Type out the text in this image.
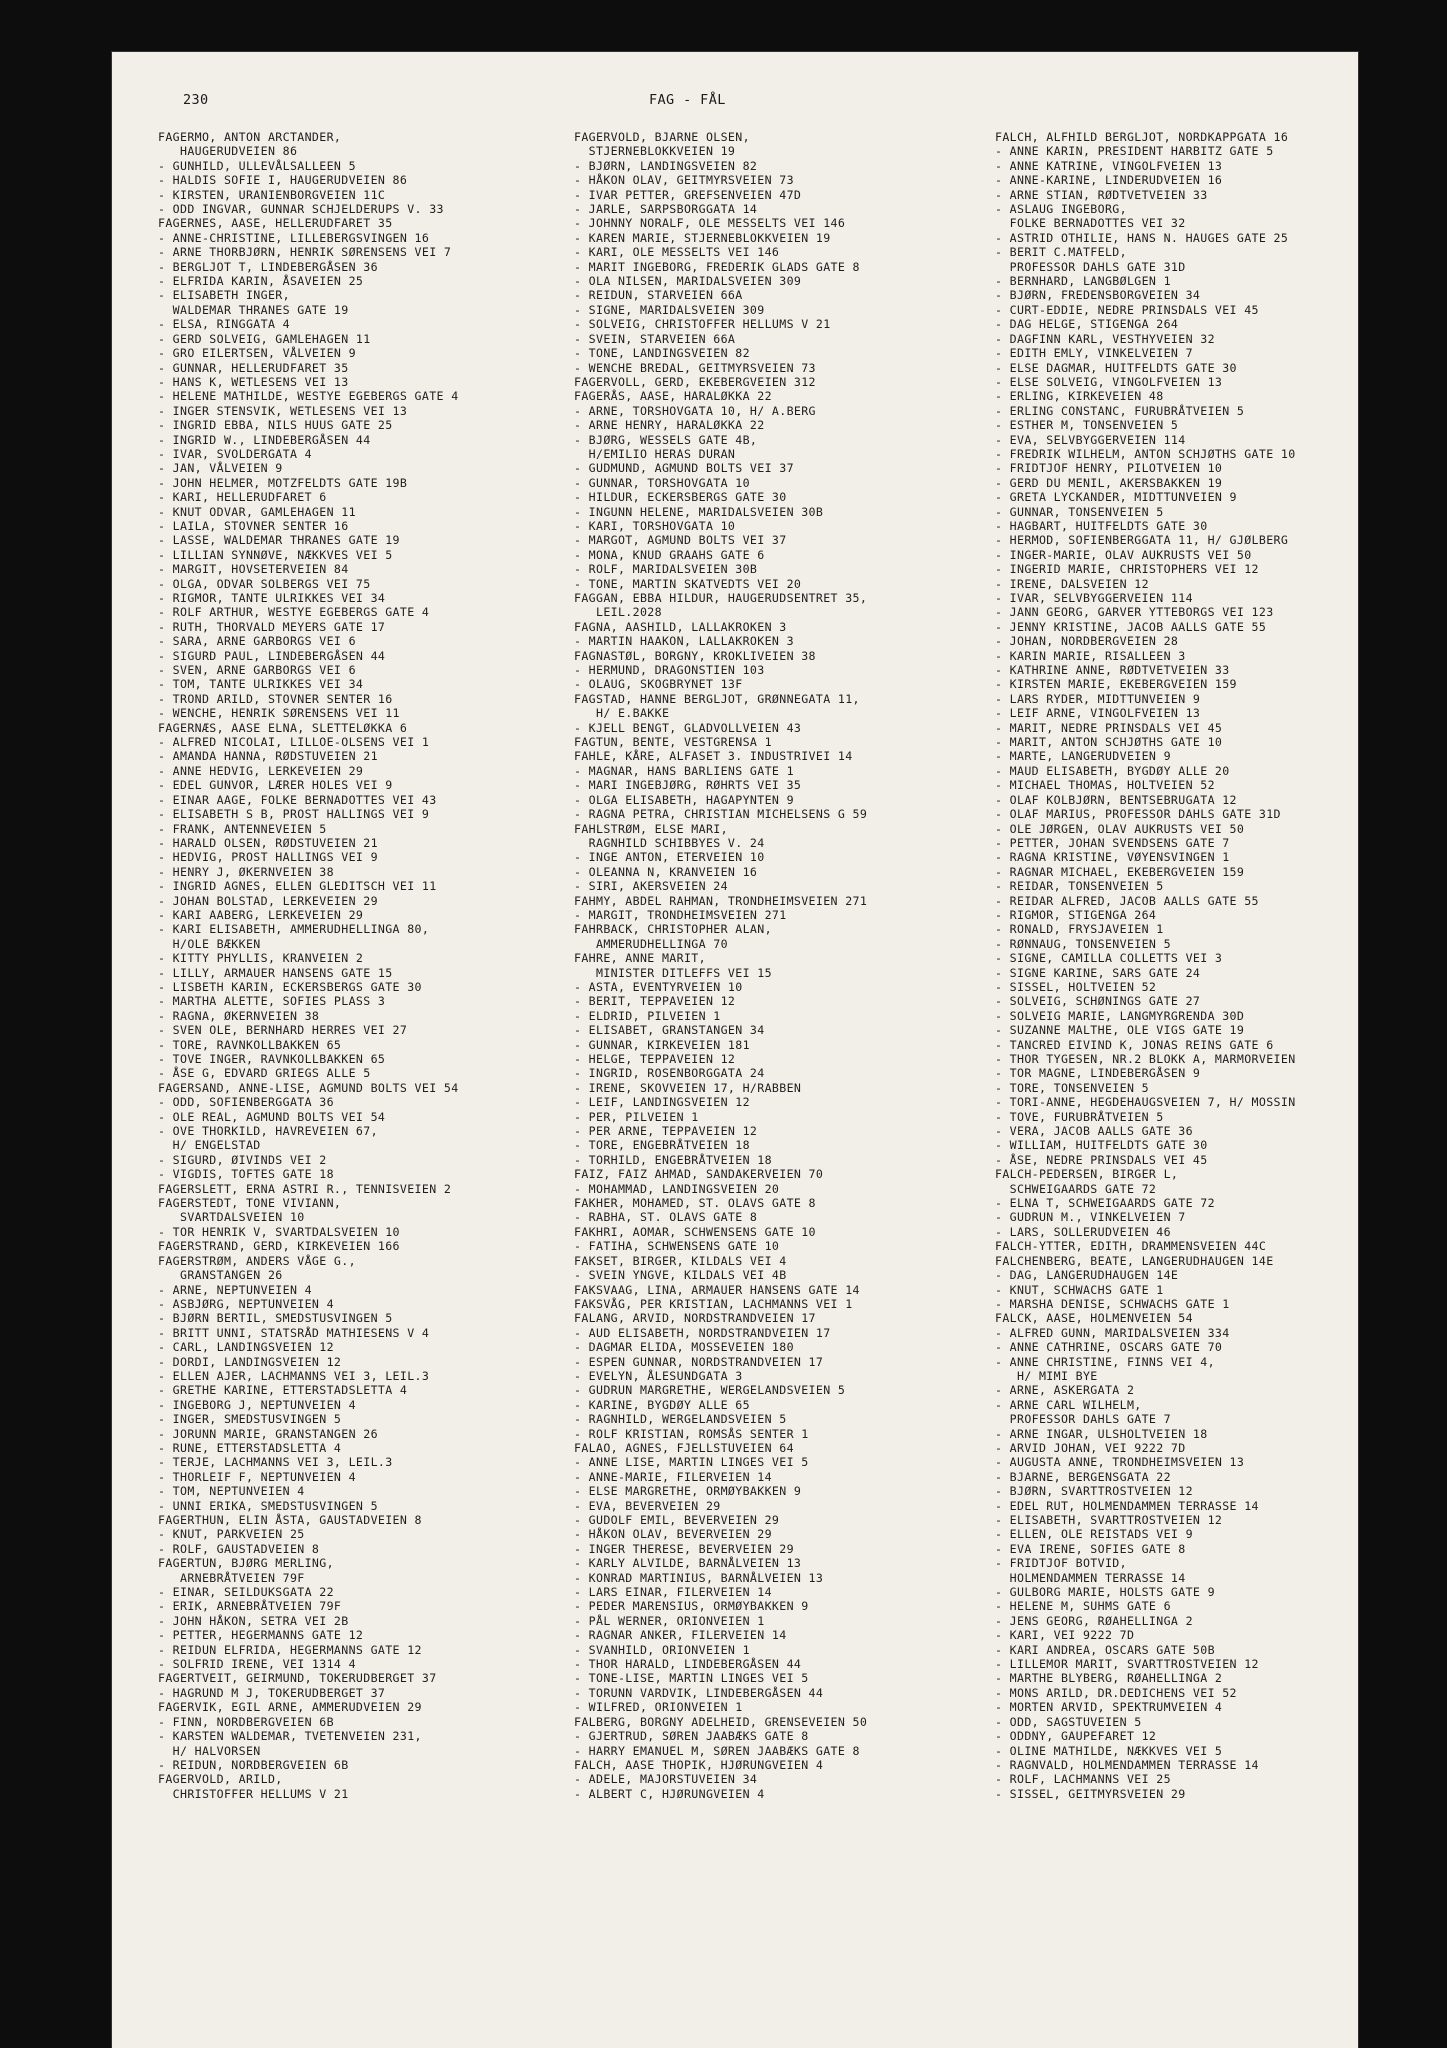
230	FAG - FÅL
FAGERMO, ANTON ARCTANDER,
HAUGERUDVEIEN 86
- GUNHILD, ULLEVÅLSALLEEN 5
- HALDIS SOFIE I, HAUGERUDVEIEN 86
- KIRSTEN, URANIENBORGVEIEN 11C
- ODD INGVAR, GUNNAR SCHJELDERUPS V. 33
FAGERNES, AASE, HELLERUDFARET 35
- ANNE-CHRISTINE, LILLEBERGSVINGEN 16
- ARNE THORBJØRN, HENRIK SØRENSENS VEI 7
- BERGLJOT T, LINDEBERGÅSEN 36
- ELFRIDA KARIN, ÅSAVEIEN 25
- ELISABETH INGER,
WALDEMAR THRANES GATE 19
- ELSA, RINGGATA 4
- GERD SOLVEIG, GAMLEHAGEN 11
- GRO EILERTSEN, VÅLVEIEN 9
- GUNNAR, HELLERUDFARET 35
- HANS K, WETLESENS VEI 13
- HELENE MATHILDE, WESTYE EGEBERGS GATE 4
- INGER STENSVIK, WETLESENS VEI 13
- INGRID EBBA, NILS HUUS GATE 25
- INGRID W., LINDEBERGÅSEN 44
- IVAR, SVOLDERGATA 4
- JAN, VÅLVEIEN 9
- JOHN HELMER, MOTZFELDTS GATE 19B
- KARI, HELLERUDFARET 6
- KNUT ODVAR, GAMLEHAGEN 11
- LAILA, STOVNER SENTER 16
- LASSE, WALDEMAR THRANES GATE 19
- LILLIAN SYNNØVE, NÆKKVES VEI 5
- MARGIT, HOVSETERVEIEN 84
- OLGA, ODVAR SOLBERGS VEI 75
- RIGMOR, TANTE ULRIKKES VEI 34
- ROLF ARTHUR, WESTYE EGEBERGS GATE 4
- RUTH, THORVALD MEYERS GATE 17
- SARA, ARNE GARBORGS VEI 6
- SIGURD PAUL, LINDEBERGÅSEN 44
- SVEN, ARNE GARBORGS VEI 6
- TOM, TANTE ULRIKKES VEI 34
- TROND ARILD, STOVNER SENTER 16
- WENCHE, HENRIK SØRENSENS VEI 11
FAGERNÆS, AASE ELNA, SLETTELØKKA 6
- ALFRED NICOLAI, LILLOE-OLSENS VEI 1
- AMANDA HANNA, RØDSTUVEIEN 21
- ANNE HEDVIG, LERKEVEIEN 29
- EDEL GUNVOR, LÆRER HOLES VEI 9
- EINAR AAGE, FOLKE BERNADOTTES VEI 43
- ELISABETH S B, PROST HALLINGS VEI 9
- FRANK, ANTENNEVEIEN 5
- HARALD OLSEN, RØDSTUVEIEN 21
- HEDVIG, PROST HALLINGS VEI 9
- HENRY J, ØKERNVEIEN 38
- INGRID AGNES, ELLEN GLEDITSCH VEI 11
- JOHAN BOLSTAD, LERKEVEIEN 29
- KARI AABERG, LERKEVEIEN 29
- KARI ELISABETH, AMMERUDHELLINGA 80,
H/OLE BÆKKEN
- KITTY PHYLLIS, KRANVEIEN 2
- LILLY, ARMAUER HANSENS GATE 15
- LISBETH KARIN, ECKERSBERGS GATE 30
- MARTHA ALETTE, SOFIES PLASS 3
- RAGNA, ØKERNVEIEN 38
- SVEN OLE, BERNHARD HERRES VEI 27
- TORE, RAVNKOLLBAKKEN 65
- TOVE INGER, RAVNKOLLBAKKEN 65
- ÅSE G, EDVARD GRIEGS ALLE 5
FAGERSAND, ANNE-LISE, AGMUND BOLTS VEI 54
- ODD, SOFIENBERGGATA 36
- OLE REAL, AGMUND BOLTS VEI 54
- OVE THORKILD, HAVREVEIEN 67,
H/ ENGELSTAD
- SIGURD, ØIVINDS VEI 2
- VIGDIS, TOFTES GATE 18
FAGERSLETT, ERNA ASTRI R., TENNISVEIEN 2
FAGERSTEDT, TONE VIVIANN,
SVARTDALSVEIEN 10
- TOR HENRIK V, SVARTDALSVEIEN 10
FAGERSTRAND, GERD, KIRKEVEIEN 166
FAGERSTRØM, ANDERS VÅGE G.,
GRANSTANGEN 26
- ARNE, NEPTUNVEIEN 4
- ASBJØRG, NEPTUNVEIEN 4
- BJØRN BERTIL, SMEDSTUSVINGEN 5
- BRITT UNNI, STATSRÅD MATHIESENS V 4
- CARL, LANDINGSVEIEN 12
- DORDI, LANDINGSVEIEN 12
- ELLEN AJER, LACHMANNS VEI 3, LEIL.3
- GRETHE KARINE, ETTERSTADSLETTA 4
- INGEBORG J, NEPTUNVEIEN 4
- INGER, SMEDSTUSVINGEN 5
- JORUNN MARIE, GRANSTANGEN 26
- RUNE, ETTERSTADSLETTA 4
- TERJE, LACHMANNS VEI 3, LEIL.3
- THORLEIF F, NEPTUNVEIEN 4
- TOM, NEPTUNVEIEN 4
- UNNI ERIKA, SMEDSTUSVINGEN 5
FAGERTHUN, ELIN ÅSTA, GAUSTADVEIEN 8
- KNUT, PARKVEIEN 25
- ROLF, GAUSTADVEIEN 8
FAGERTUN, BJØRG MERLING,
ARNEBRÅTVEIEN 79F
- EINAR, SEILDUKSGATA 22
- ERIK, ARNEBRÅTVEIEN 79F
- JOHN HÅKON, SETRA VEI 2B
- PETTER, HEGERMANNS GATE 12
- REIDUN ELFRIDA, HEGERMANNS GATE 12
- SOLFRID IRENE, VEI 1314 4
FAGERTVEIT, GEIRMUND, TOKERUDBERGET 37
- HAGRUND M J, TOKERUDBERGET 37
FAGERVIK, EGIL ARNE, AMMERUDVEIEN 29
- FINN, NORDBERGVEIEN 6B
- KARSTEN WALDEMAR, TVETENVEIEN 231,
H/ HALVORSEN
- REIDUN, NORDBERGVEIEN 6B
FAGERVOLD, ARILD,
CHRISTOFFER HELLUMS V 21
FAGERVOLD, BJARNE OLSEN,
STJERNEBLOKKVEIEN 19
- BJØRN, LANDINGSVEIEN 82
- HÅKON OLAV, GEITMYRSVEIEN 73
- IVAR PETTER, GREFSENVEIEN 47D
- JARLE, SARPSBORGGATA 14
- JOHNNY NORALF, OLE MESSELTS VEI 146
- KAREN MARIE, STJERNEBLOKKVEIEN 19
- KARI, OLE MESSELTS VEI 146
- MARIT INGEBORG, FREDERIK GLADS GATE 8
- OLA NILSEN, MARIDALSVEIEN 309
- REIDUN, STARVEIEN 66A
- SIGNE, MARIDALSVEIEN 309
- SOLVEIG, CHRISTOFFER HELLUMS V 21
- SVEIN, STARVEIEN 66A
- TONE, LANDINGSVEIEN 82
- WENCHE BREDAL, GEITMYRSVEIEN 73
FAGERVOLL, GERD, EKEBERGVEIEN 312
FAGERÅS, AASE, HARALØKKA 22
- ARNE, TORSHOVGATA 10, H/ A.BERG
- ARNE HENRY, HARALØKKA 22
- BJØRG, WESSELS GATE 4B,
H/EMILIO HERAS DURAN
- GUDMUND, AGMUND BOLTS VEI 37
- GUNNAR, TORSHOVGATA 10
- HILDUR, ECKERSBERGS GATE 30
- INGUNN HELENE, MARIDALSVEIEN 30B
- KARI, TORSHOVGATA 10
- MARGOT, AGMUND BOLTS VEI 37
- MONA, KNUD GRAAHS GATE 6
- ROLF, MARIDALSVEIEN 30B
- TONE, MARTIN SKATVEDTS VEI 20
FAGGAN, EBBA HILDUR, HAUGERUDSENTRET 35,
LEIL.2028
FAGNA, AASHILD, LALLAKROKEN 3
- MARTIN HAAKON, LALLAKROKEN 3
FAGNASTØL, BORGNY, KROKLIVEIEN 38
- HERMUND, DRAGONSTIEN 103
- OLAUG, SKOGBRYNET 13F
FAGSTAD, HANNE BERGLJOT, GRØNNEGATA 11,
H/ E.BAKKE
- KJELL BENGT, GLADVOLLVEIEN 43
FAGTUN, BENTE, VESTGRENSA 1
FAHLE, KÅRE, ALFASET 3. INDUSTRIVEI 14
- MAGNAR, HANS BARLIENS GATE 1
- MARI INGEBJØRG, RØHRTS VEI 35
- OLGA ELISABETH, HAGAPYNTEN 9
- RAGNA PETRA, CHRISTIAN MICHELSENS G 59
FAHLSTRØM, ELSE MARI,
RAGNHILD SCHIBBYES V. 24
- INGE ANTON, ETERVEIEN 10
- OLEANNA N, KRANVEIEN 16
- SIRI, AKERSVEIEN 24
FAHMY, ABDEL RAHMAN, TRONDHEIMSVEIEN 271
- MARGIT, TRONDHEIMSVEIEN 271
FAHRBACK, CHRISTOPHER ALAN,
AMMERUDHELLINGA 70
FAHRE, ANNE MARIT,
MINISTER DITLEFFS VEI 15
- ASTA, EVENTYRVEIEN 10
- BERIT, TEPPAVEIEN 12
- ELDRID, PILVEIEN 1
- ELISABET, GRANSTANGEN 34
- GUNNAR, KIRKEVEIEN 181
- HELGE, TEPPAVEIEN 12
- INGRID, ROSENBORGGATA 24
- IRENE, SKOVVEIEN 17, H/RABBEN
- LEIF, LANDINGSVEIEN 12
- PER, PILVEIEN 1
- PER ARNE, TEPPAVEIEN 12
- TORE, ENGEBRÅTVEIEN 18
- TORHILD, ENGEBRÅTVEIEN 18
FAIZ, FAIZ AHMAD, SANDAKERVEIEN 70
- MOHAMMAD, LANDINGSVEIEN 20
FAKHER, MOHAMED, ST. OLAVS GATE 8
- RABHA, ST. OLAVS GATE 8
FAKHRI, AOMAR, SCHWENSENS GATE 10
- FATIHA, SCHWENSENS GATE 10
FAKSET, BIRGER, KILDALS VEI 4
- SVEIN YNGVE, KILDALS VEI 4B
FAKSVAAG, LINA, ARMAUER HANSENS GATE 14
FAKSVÅG, PER KRISTIAN, LACHMANNS VEI 1
FALANG, ARVID, NORDSTRANDVEIEN 17
- AUD ELISABETH, NORDSTRANDVEIEN 17
- DAGMAR ELIDA, MOSSEVEIEN 180
- ESPEN GUNNAR, NORDSTRANDVEIEN 17
- EVELYN, ÅLESUNDGATA 3
- GUDRUN MARGRETHE, WERGELANDSVEIEN 5
- KARINE, BYGDØY ALLE 65
- RAGNHILD, WERGELANDSVEIEN 5
- ROLF KRISTIAN, ROMSÅS SENTER 1
FALAO, AGNES, FJELLSTUVEIEN 64
- ANNE LISE, MARTIN LINGES VEI 5
- ANNE-MARIE, FILERVEIEN 14
- ELSE MARGRETHE, ORMØYBAKKEN 9
- EVA, BEVERVEIEN 29
- GUDOLF EMIL, BEVERVEIEN 29
- HÅKON OLAV, BEVERVEIEN 29
- INGER THERESE, BEVERVEIEN 29
- KARLY ALVILDE, BARNÅLVEIEN 13
- KONRAD MARTINIUS, BARNÅLVEIEN 13
- LARS EINAR, FILERVEIEN 14
- PEDER MARENSIUS, ORMØYBAKKEN 9
- PÅL WERNER, ORIONVEIEN 1
- RAGNAR ANKER, FILERVEIEN 14
- SVANHILD, ORIONVEIEN 1
- THOR HARALD, LINDEBERGÅSEN 44
- TONE-LISE, MARTIN LINGES VEI 5
- TORUNN VARDVIK, LINDEBERGÅSEN 44
- WILFRED, ORIONVEIEN 1
FALBERG, BORGNY ADELHEID, GRENSEVEIEN 50
- GJERTRUD, SØREN JAABÆKS GATE 8
- HARRY EMANUEL M, SØREN JAABÆKS GATE 8
FALCH, AASE THOPIK, HJØRUNGVEIEN 4
- ADELE, MAJORSTUVEIEN 34
- ALBERT C, HJØRUNGVEIEN 4
FALCH, ALFHILD BERGLJOT, NORDKAPPGATA 16
- ANNE KARIN, PRESIDENT HARBITZ GATE 5
- ANNE KATRINE, VINGOLFVEIEN 13
- ANNE-KARINE, LINDERUDVEIEN 16
- ARNE STIAN, RØDTVETVEIEN 33
- ASLAUG INGEBORG,
FOLKE BERNADOTTES VEI 32
- ASTRID OTHILIE, HANS N. HAUGES GATE 25
- BERIT C.MATFELD,
PROFESSOR DAHLS GATE 31D
- BERNHARD, LANGBØLGEN 1
- BJØRN, FREDENSBORGVEIEN 34
- CURT-EDDIE, NEDRE PRINSDALS VEI 45
- DAG HELGE, STIGENGA 264
- DAGFINN KARL, VESTHYVEIEN 32
- EDITH EMLY, VINKELVEIEN 7
- ELSE DAGMAR, HUITFELDTS GATE 30
- ELSE SOLVEIG, VINGOLFVEIEN 13
- ERLING, KIRKEVEIEN 48
- ERLING CONSTANC, FURUBRÅTVEIEN 5
- ESTHER M, TONSENVEIEN 5
- EVA, SELVBYGGERVEIEN 114
- FREDRIK WILHELM, ANTON SCHJØTHS GATE 10
- FRIDTJOF HENRY, PILOTVEIEN 10
- GERD DU MENIL, AKERSBAKKEN 19
- GRETA LYCKANDER, MIDTTUNVEIEN 9
- GUNNAR, TONSENVEIEN 5
- HAGBART, HUITFELDTS GATE 30
- HERMOD, SOFIENBERGGATA 11, H/ GJØLBERG
- INGER-MARIE, OLAV AUKRUSTS VEI 50
- INGERID MARIE, CHRISTOPHERS VEI 12
- IRENE, DALSVEIEN 12
- IVAR, SELVBYGGERVEIEN 114
- JANN GEORG, GARVER YTTEBORGS VEI 123
- JENNY KRISTINE, JACOB AALLS GATE 55
- JOHAN, NORDBERGVEIEN 28
- KARIN MARIE, RISALLEEN 3
- KATHRINE ANNE, RØDTVETVEIEN 33
- KIRSTEN MARIE, EKEBERGVEIEN 159
- LARS RYDER, MIDTTUNVEIEN 9
- LEIF ARNE, VINGOLFVEIEN 13
- MARIT, NEDRE PRINSDALS VEI 45
- MARIT, ANTON SCHJØTHS GATE 10
- MARTE, LANGERUDVEIEN 9
- MAUD ELISABETH, BYGDØY ALLE 20
- MICHAEL THOMAS, HOLTVEIEN 52
- OLAF KOLBJØRN, BENTSEBRUGATA 12
- OLAF MARIUS, PROFESSOR DAHLS GATE 31D
- OLE JØRGEN, OLAV AUKRUSTS VEI 50
- PETTER, JOHAN SVENDSENS GATE 7
- RAGNA KRISTINE, VØYENSVINGEN 1
- RAGNAR MICHAEL, EKEBERGVEIEN 159
- REIDAR, TONSENVEIEN 5
- REIDAR ALFRED, JACOB AALLS GATE 55
- RIGMOR, STIGENGA 264
- RONALD, FRYSJAVEIEN 1
- RØNNAUG, TONSENVEIEN 5
- SIGNE, CAMILLA COLLETTS VEI 3
- SIGNE KARINE, SARS GATE 24
- SISSEL, HOLTVEIEN 52
- SOLVEIG, SCHØNINGS GATE 27
- SOLVEIG MARIE, LANGMYRGRENDA 30D
- SUZANNE MALTHE, OLE VIGS GATE 19
- TANCRED EIVIND K, JONAS REINS GATE 6
- THOR TYGESEN, NR.2 BLOKK A, MARMORVEIEN
- TOR MAGNE, LINDEBERGÅSEN 9
- TORE, TONSENVEIEN 5
- TORI-ANNE, HEGDEHAUGSVEIEN 7, H/ MOSSIN
- TOVE, FURUBRÅTVEIEN 5
- VERA, JACOB AALLS GATE 36
- WILLIAM, HUITFELDTS GATE 30
- ÅSE, NEDRE PRINSDALS VEI 45
FALCH-PEDERSEN, BIRGER L,
SCHWEIGAARDS GATE 72
- ELNA T, SCHWEIGAARDS GATE 72
- GUDRUN M., VINKELVEIEN 7
- LARS, SOLLERUDVEIEN 46
FALCH-YTTER, EDITH, DRAMMENSVEIEN 44C
FALCHENBERG, BEATE, LANGERUDHAUGEN 14E
- DAG, LANGERUDHAUGEN 14E
- KNUT, SCHWACHS GATE 1
- MARSHA DENISE, SCHWACHS GATE 1
FALCK, AASE, HOLMENVEIEN 54
- ALFRED GUNN, MARIDALSVEIEN 334
- ANNE CATHRINE, OSCARS GATE 70
- ANNE CHRISTINE, FINNS VEI 4,
H/ MIMI BYE
- ARNE, ASKERGATA 2
- ARNE CARL WILHELM,
PROFESSOR DAHLS GATE 7
- ARNE INGAR, ULSHOLTVEIEN 18
- ARVID JOHAN, VEI 9222 7D
- AUGUSTA ANNE, TRONDHEIMSVEIEN 13
- BJARNE, BERGENSGATA 22
- BJØRN, SVARTTROSTVEIEN 12
- EDEL RUT, HOLMENDAMMEN TERRASSE 14
- ELISABETH, SVARTTROSTVEIEN 12
- ELLEN, OLE REISTADS VEI 9
- EVA IRENE, SOFIES GATE 8
- FRIDTJOF BOTVID,
HOLMENDAMMEN TERRASSE 14
- GULBORG MARIE, HOLSTS GATE 9
- HELENE M, SUHMS GATE 6
- JENS GEORG, RØAHELLINGA 2
- KARI, VEI 9222 7D
- KARI ANDREA, OSCARS GATE 50B
- LILLEMOR MARIT, SVARTTROSTVEIEN 12
- MARTHE BLYBERG, RØAHELLINGA 2
- MONS ARILD, DR.DEDICHENS VEI 52
- MORTEN ARVID, SPEKTRUMVEIEN 4
- ODD, SAGSTUVEIEN 5
- ODDNY, GAUPEFARET 12
- OLINE MATHILDE, NÆKKVES VEI 5
- RAGNVALD, HOLMENDAMMEN TERRASSE 14
- ROLF, LACHMANNS VEI 25
- SISSEL, GEITMYRSVEIEN 29
